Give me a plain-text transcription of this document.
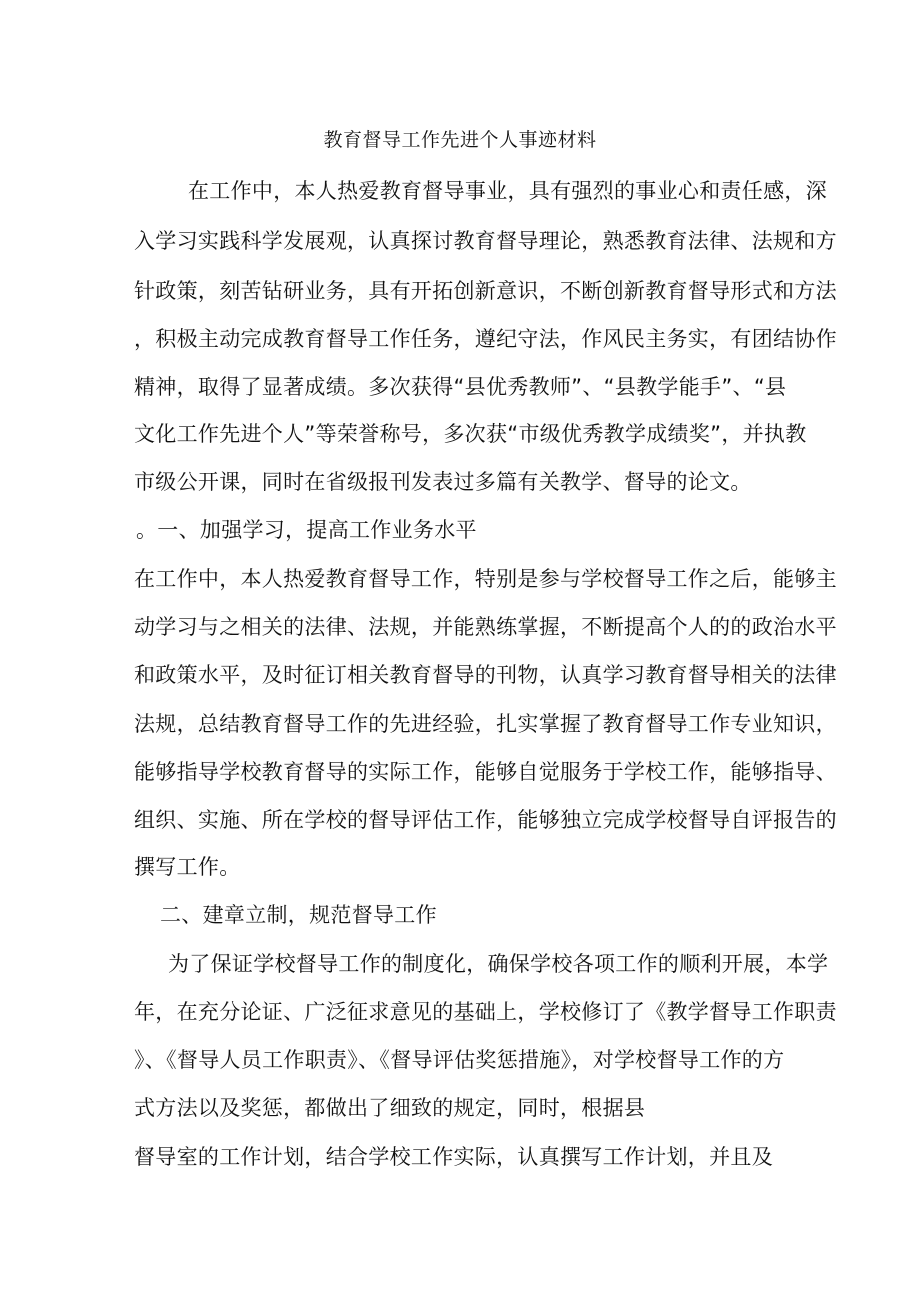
教育督导工作先进个人事迹材料
在工作中，本人热爱教育督导事业，具有强烈的事业心和责任感，深
入学习实践科学发展观，认真探讨教育督导理论，熟悉教育法律、法规和方
针政策，刻苦钻研业务，具有开拓创新意识，不断创新教育督导形式和方法
，积极主动完成教育督导工作任务，遵纪守法，作风民主务实，有团结协作
精神，取得了显著成绩。多次获得“县优秀教师”、“县教学能手”、“县
文化工作先进个人”等荣誉称号，多次获“市级优秀教学成绩奖”，并执教
市级公开课，同时在省级报刊发表过多篇有关教学、督导的论文。
。一、加强学习，提高工作业务水平
在工作中，本人热爱教育督导工作，特别是参与学校督导工作之后，能够主
动学习与之相关的法律、法规，并能熟练掌握，不断提高个人的的政治水平
和政策水平，及时征订相关教育督导的刊物，认真学习教育督导相关的法律
法规，总结教育督导工作的先进经验，扎实掌握了教育督导工作专业知识，
能够指导学校教育督导的实际工作，能够自觉服务于学校工作，能够指导、
组织、实施、所在学校的督导评估工作，能够独立完成学校督导自评报告的
撰写工作。
二、建章立制，规范督导工作
为了保证学校督导工作的制度化，确保学校各项工作的顺利开展，本学
年，在充分论证、广泛征求意见的基础上，学校修订了《教学督导工作职责
》、《督导人员工作职责》、《督导评估奖惩措施》，对学校督导工作的方
式方法以及奖惩，都做出了细致的规定，同时，根据县
督导室的工作计划，结合学校工作实际，认真撰写工作计划，并且及
